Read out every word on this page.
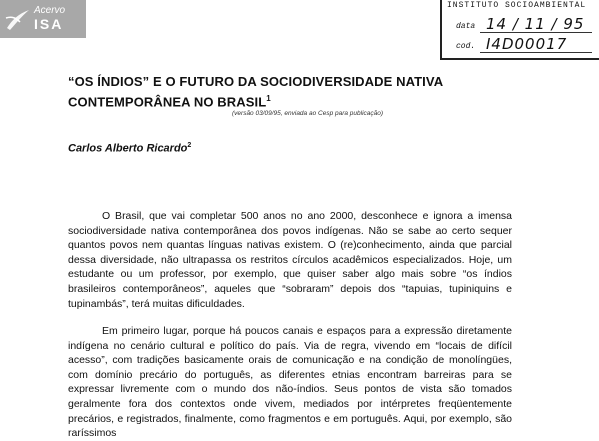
Acervo
ISA
INSTITUTO SOCIOAMBIENTAL
data 14 / 11 / 95
cod. I4D00017
“OS ÍNDIOS” E O FUTURO DA SOCIODIVERSIDADE NATIVA CONTEMPORÂNEA NO BRASIL$^1$
(versão 03/09/95, enviada ao Cesp para publicação)
Carlos Alberto Ricardo$^2$

O Brasil, que vai completar 500 anos no ano 2000, desconhece e ignora a imensa sociodiversidade nativa contemporânea dos povos indígenas. Não se sabe ao certo sequer quantos povos nem quantas línguas nativas existem. O (re)conhecimento, ainda que parcial dessa diversidade, não ultrapassa os restritos círculos acadêmicos especializados. Hoje, um estudante ou um professor, por exemplo, que quiser saber algo mais sobre “os índios brasileiros contemporâneos”, aqueles que “sobraram” depois dos “tapuias, tupiniquins e tupinambás”, terá muitas dificuldades.

Em primeiro lugar, porque há poucos canais e espaços para a expressão diretamente indígena no cenário cultural e político do país. Via de regra, vivendo em “locais de difícil acesso”, com tradições basicamente orais de comunicação e na condição de monolíngües, com domínio precário do português, as diferentes etnias encontram barreiras para se expressar livremente com o mundo dos não-índios. Seus pontos de vista são tomados geralmente fora dos contextos onde vivem, mediados por intérpretes freqüentemente precários, e registrados, finalmente, como fragmentos e em português. Aqui, por exemplo, são raríssimos
